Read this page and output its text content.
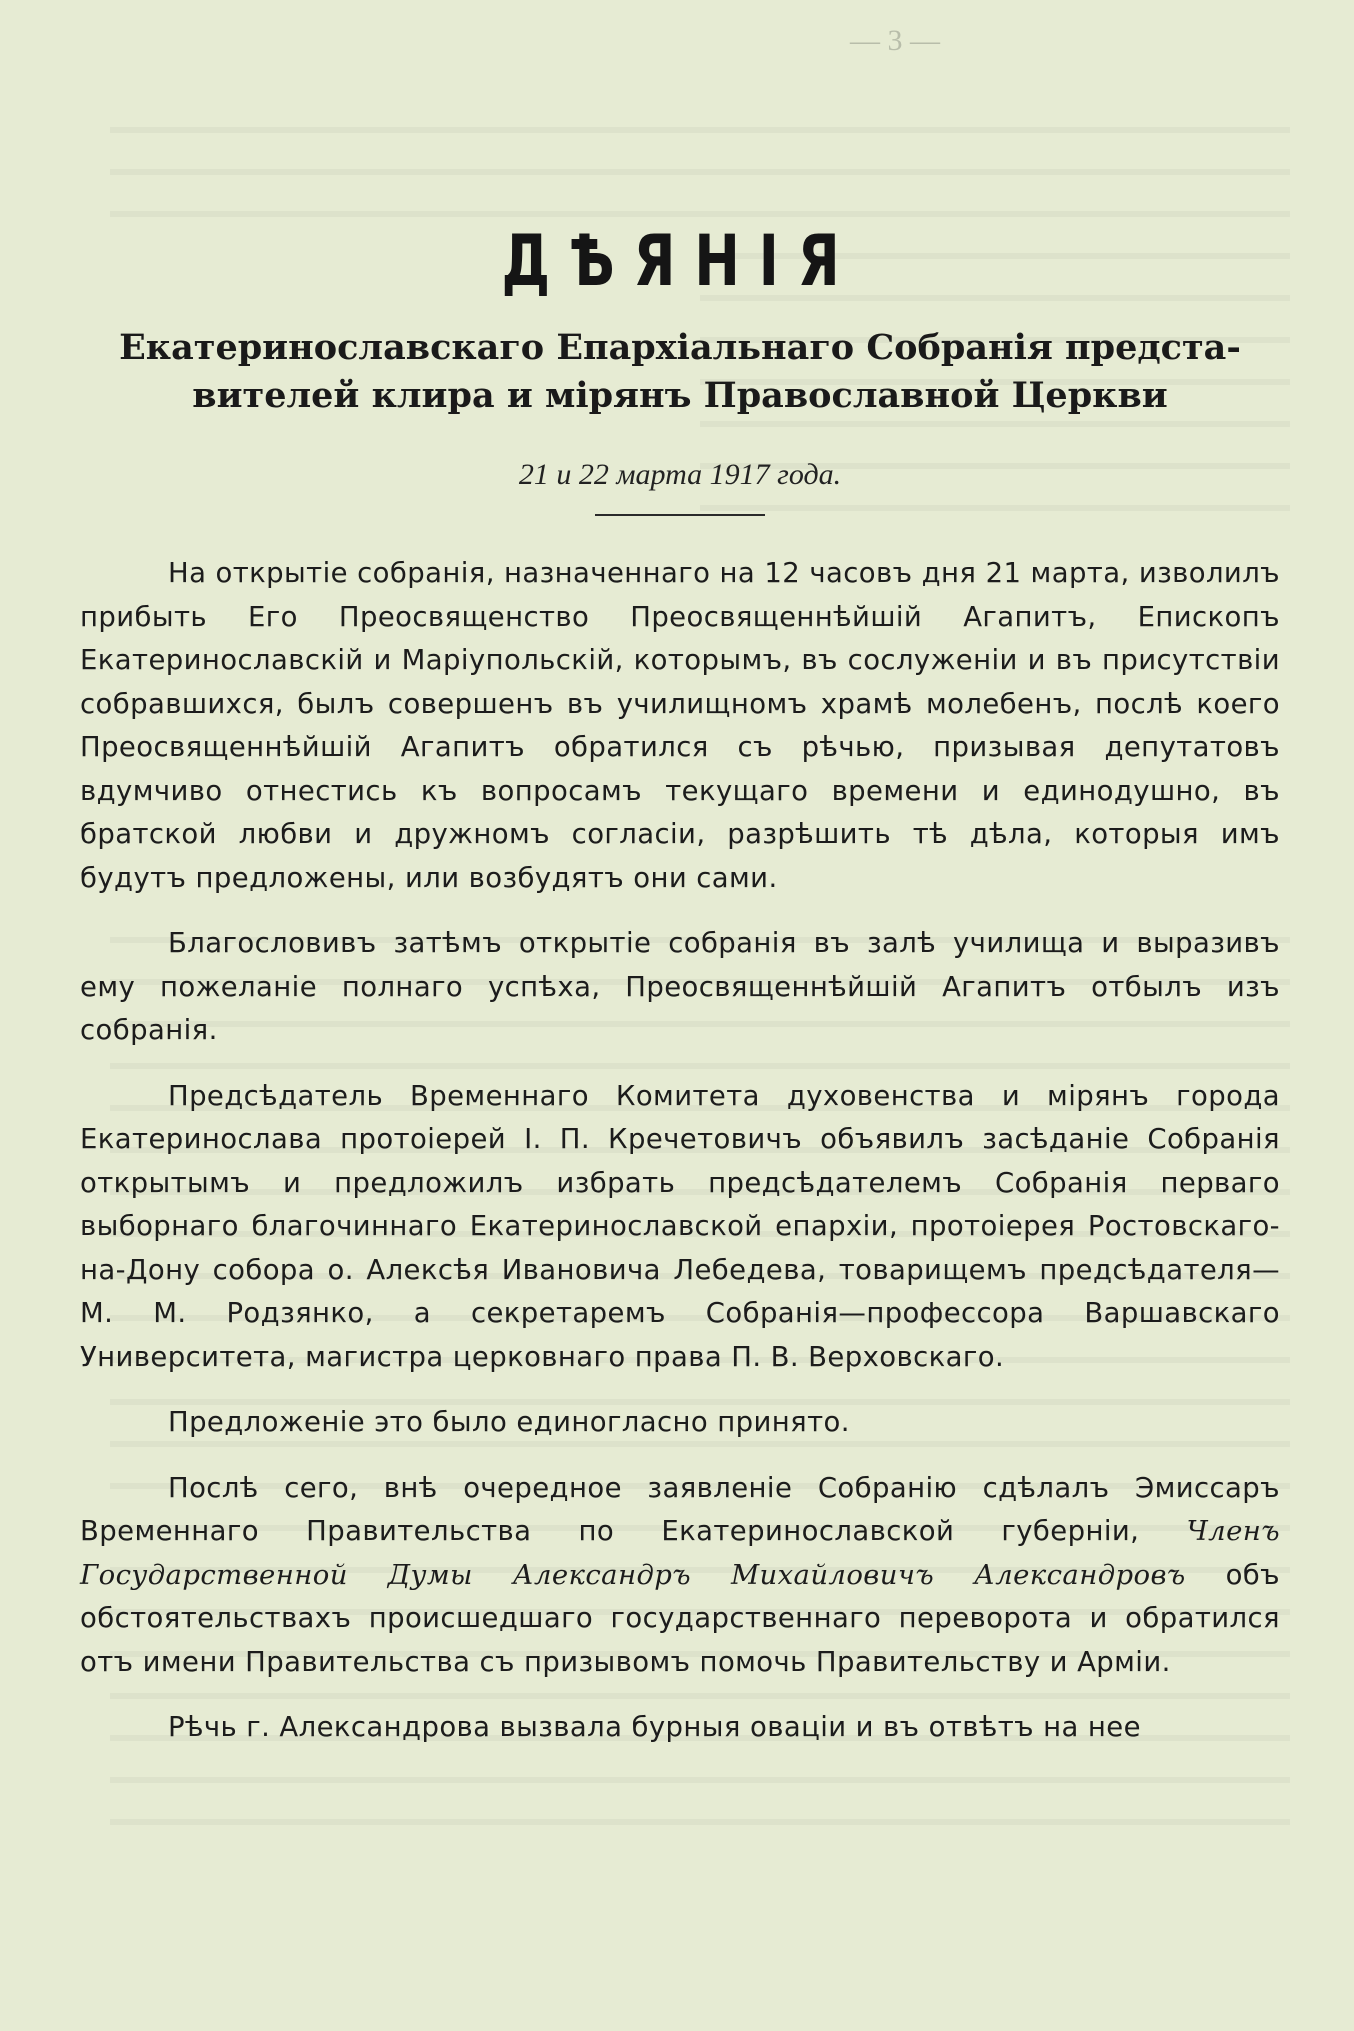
— 3 —
ДѢЯНІЯ
Екатеринославскаго Епархіальнаго Собранія предста-
вителей клира и мірянъ Православной Церкви
21 и 22 марта 1917 года.

На открытіе собранія, назначеннаго на 12 часовъ дня 21 марта, изволилъ прибыть Его Преосвященство Преосвященнѣйшій Агапитъ, Епископъ Екатеринославскій и Маріупольскій, которымъ, въ сослуженіи и въ присутствіи собравшихся, былъ совершенъ въ училищномъ храмѣ молебенъ, послѣ коего Преосвященнѣйшій Агапитъ обратился съ рѣчью, призывая депутатовъ вдумчиво отнестись къ вопросамъ текущаго времени и единодушно, въ братской любви и дружномъ согласіи, разрѣшить тѣ дѣла, которыя имъ будутъ предложены, или возбудятъ они сами.

Благословивъ затѣмъ открытіе собранія въ залѣ училища и выразивъ ему пожеланіе полнаго успѣха, Преосвященнѣйшій Агапитъ отбылъ изъ собранія.

Предсѣдатель Временнаго Комитета духовенства и мірянъ города Екатеринослава протоіерей І. П. Кречетовичъ объявилъ засѣданіе Собранія открытымъ и предложилъ избрать предсѣдателемъ Собранія перваго выборнаго благочиннаго Екатеринославской епархіи, протоіерея Ростовскаго-на-Дону собора о. Алексѣя Ивановича Лебедева, товарищемъ предсѣдателя—М. М. Родзянко, а секретаремъ Собранія—профессора Варшавскаго Университета, магистра церковнаго права П. В. Верховскаго.

Предложеніе это было единогласно принято.

Послѣ сего, внѣ очередное заявленіе Собранію сдѣлалъ Эмиссаръ Временнаго Правительства по Екатеринославской губерніи, Членъ Государственной Думы Александръ Михайловичъ Александровъ объ обстоятельствахъ происшедшаго государственнаго переворота и обратился отъ имени Правительства съ призывомъ помочь Правительству и Арміи.

Рѣчь г. Александрова вызвала бурныя оваціи и въ отвѣтъ на нее
